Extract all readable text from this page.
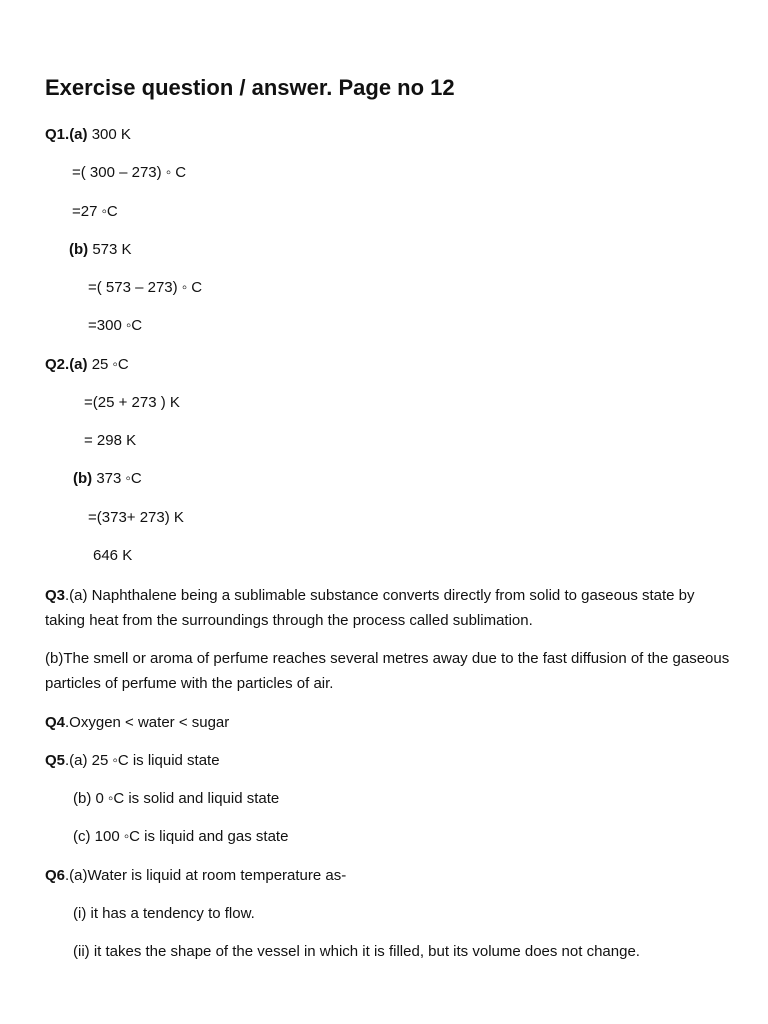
Exercise question / answer. Page no 12
Q1.(a) 300 K
=( 300 – 273) ◦ C
=27 ◦C
(b) 573 K
=( 573 – 273) ◦ C
=300 ◦C
Q2.(a) 25 ◦C
=(25 + 273 ) K
= 298 K
(b) 373 ◦C
=(373+ 273) K
646 K
Q3.(a) Naphthalene being a sublimable substance converts directly from solid to gaseous state by taking heat from the surroundings through the process called sublimation.
(b)The smell or aroma of perfume reaches several metres away due to the fast diffusion of the gaseous particles of perfume with the particles of air.
Q4.Oxygen < water < sugar
Q5.(a) 25 ◦C is liquid state
(b) 0 ◦C is solid and liquid state
(c) 100 ◦C is liquid and gas state
Q6.(a)Water is liquid at room temperature as-
(i) it has a tendency to flow.
(ii) it takes the shape of the vessel in which it is filled, but its volume does not change.
